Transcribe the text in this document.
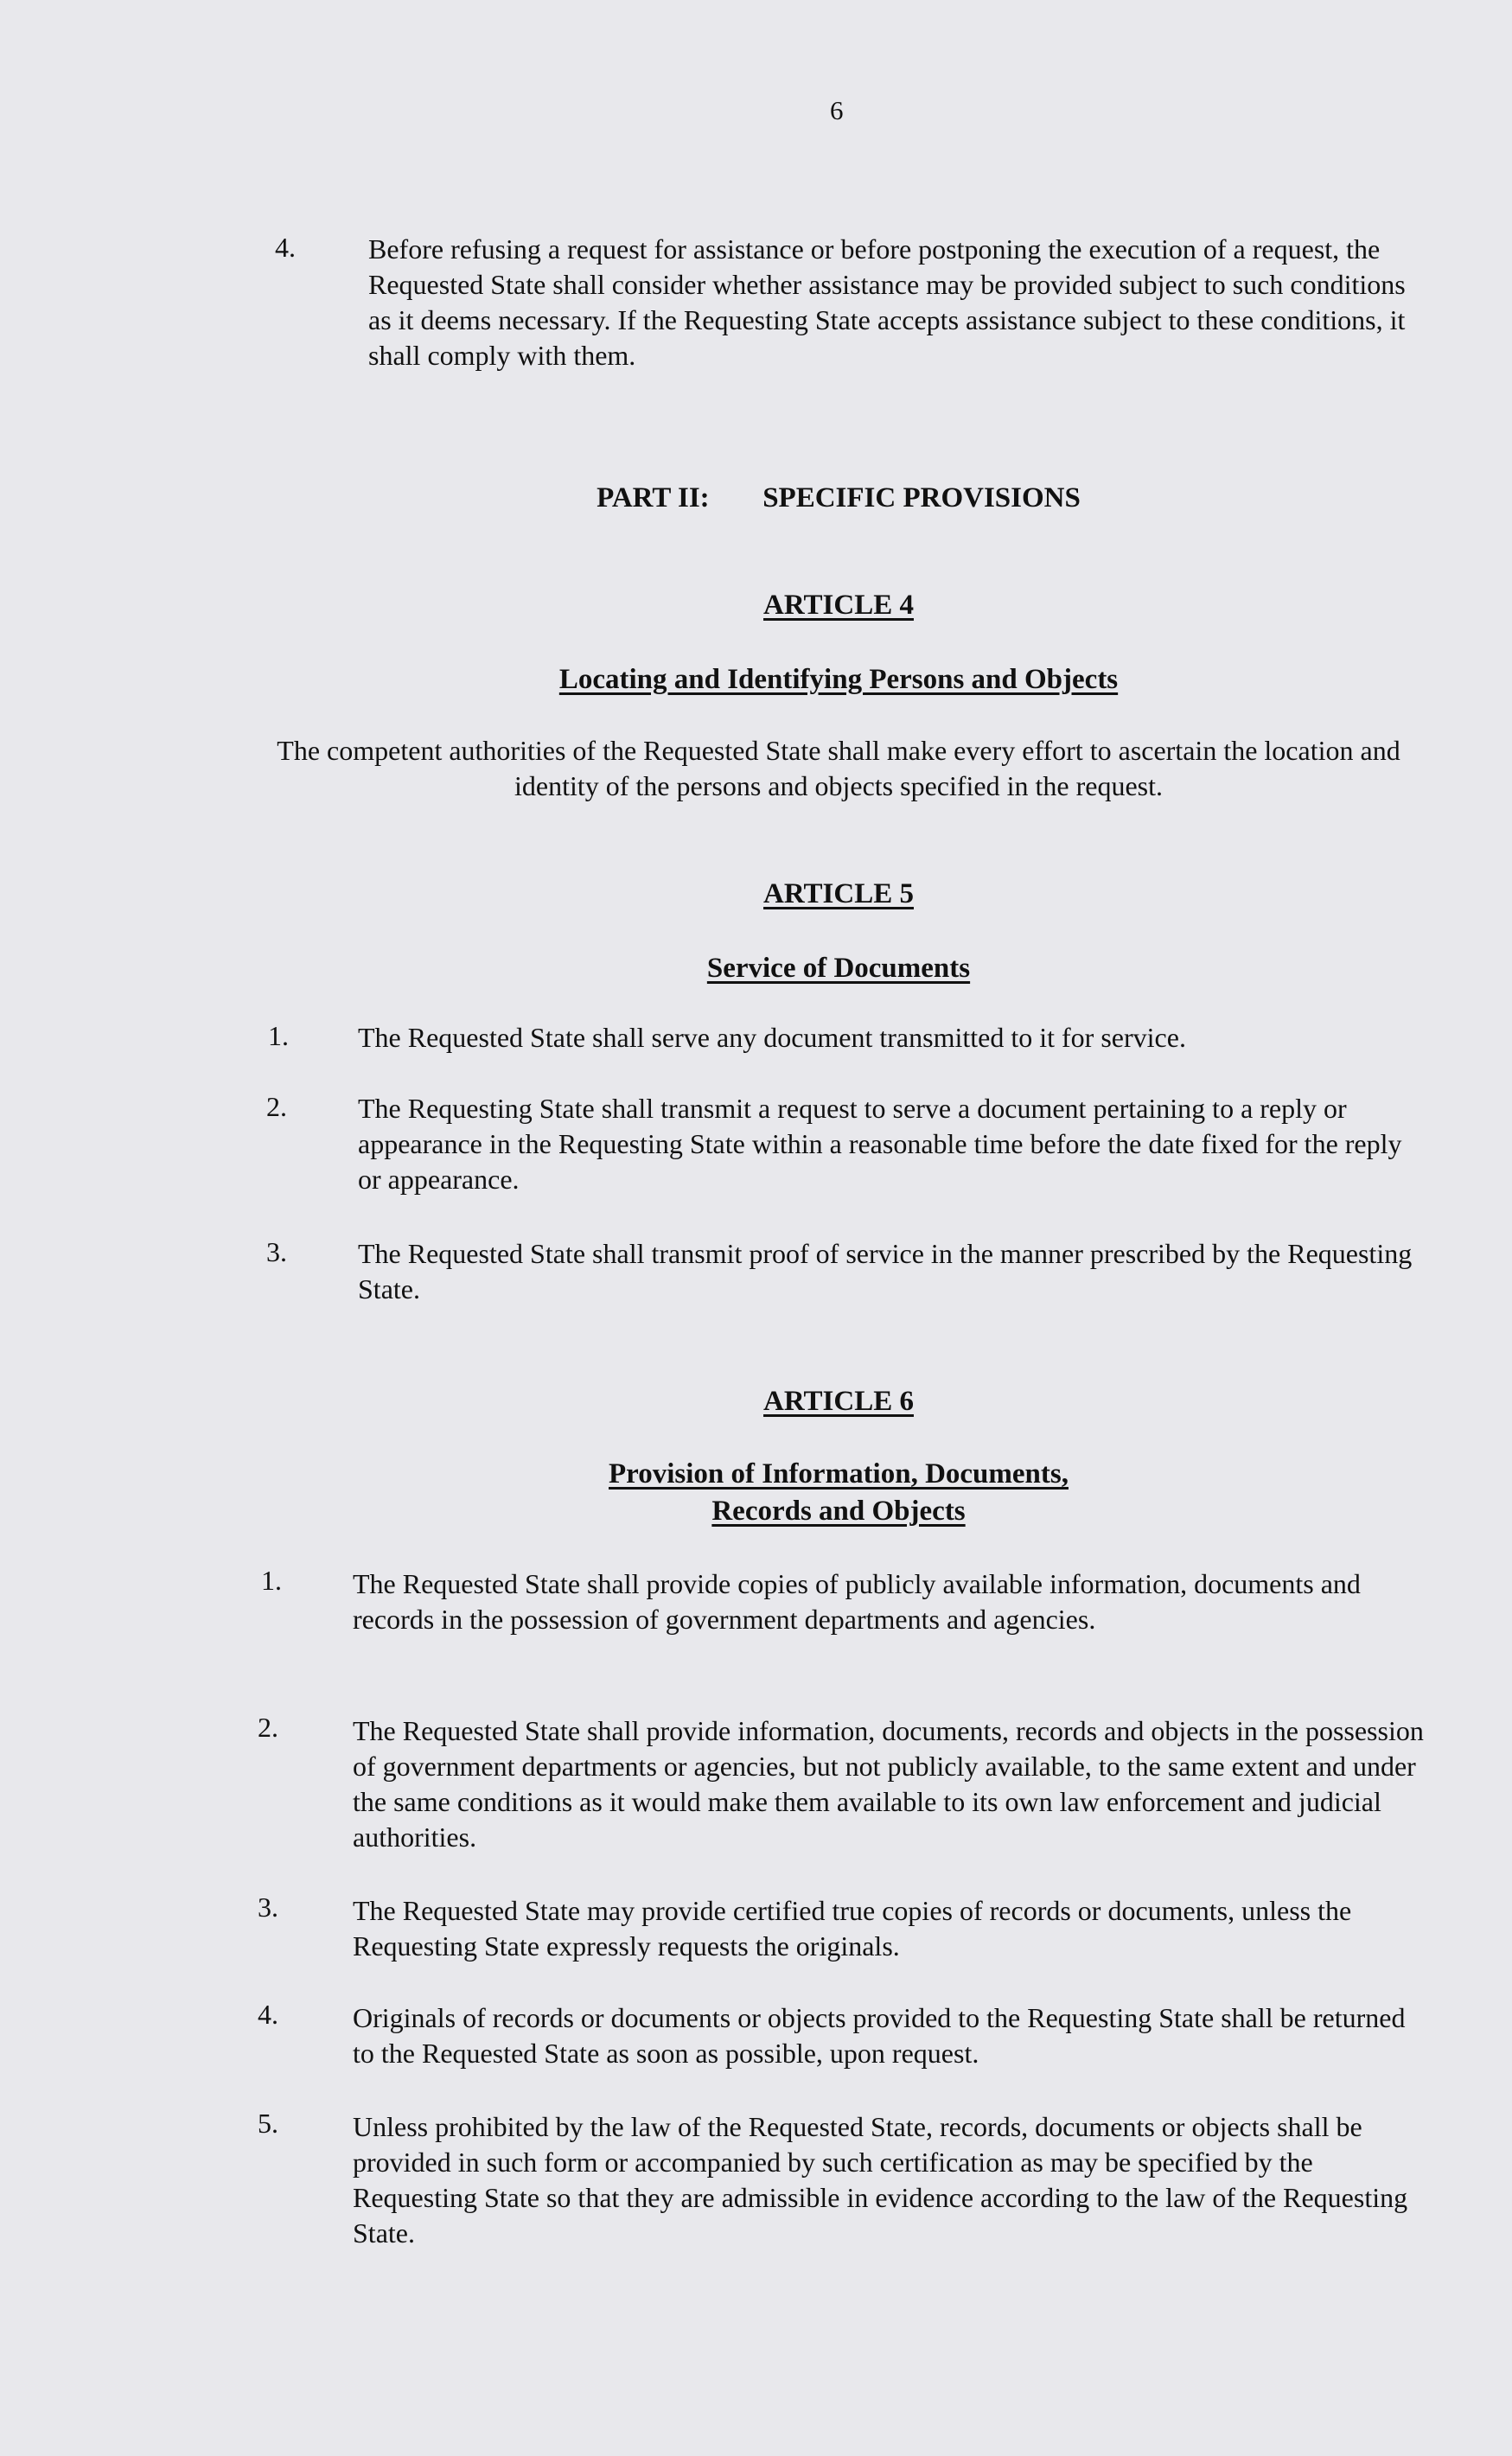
6
4.	Before refusing a request for assistance or before postponing the execution of a request, the Requested State shall consider whether assistance may be provided subject to such conditions as it deems necessary. If the Requesting State accepts assistance subject to these conditions, it shall comply with them.
PART II: SPECIFIC PROVISIONS
ARTICLE 4
Locating and Identifying Persons and Objects
The competent authorities of the Requested State shall make every effort to ascertain the location and identity of the persons and objects specified in the request.
ARTICLE 5
Service of Documents
1.	The Requested State shall serve any document transmitted to it for service.
2.	The Requesting State shall transmit a request to serve a document pertaining to a reply or appearance in the Requesting State within a reasonable time before the date fixed for the reply or appearance.
3.	The Requested State shall transmit proof of service in the manner prescribed by the Requesting State.
ARTICLE 6
Provision of Information, Documents,
Records and Objects
1.	The Requested State shall provide copies of publicly available information, documents and records in the possession of government departments and agencies.
2.	The Requested State shall provide information, documents, records and objects in the possession of government departments or agencies, but not publicly available, to the same extent and under the same conditions as it would make them available to its own law enforcement and judicial authorities.
3.	The Requested State may provide certified true copies of records or documents, unless the Requesting State expressly requests the originals.
4.	Originals of records or documents or objects provided to the Requesting State shall be returned to the Requested State as soon as possible, upon request.
5.	Unless prohibited by the law of the Requested State, records, documents or objects shall be provided in such form or accompanied by such certification as may be specified by the Requesting State so that they are admissible in evidence according to the law of the Requesting State.
